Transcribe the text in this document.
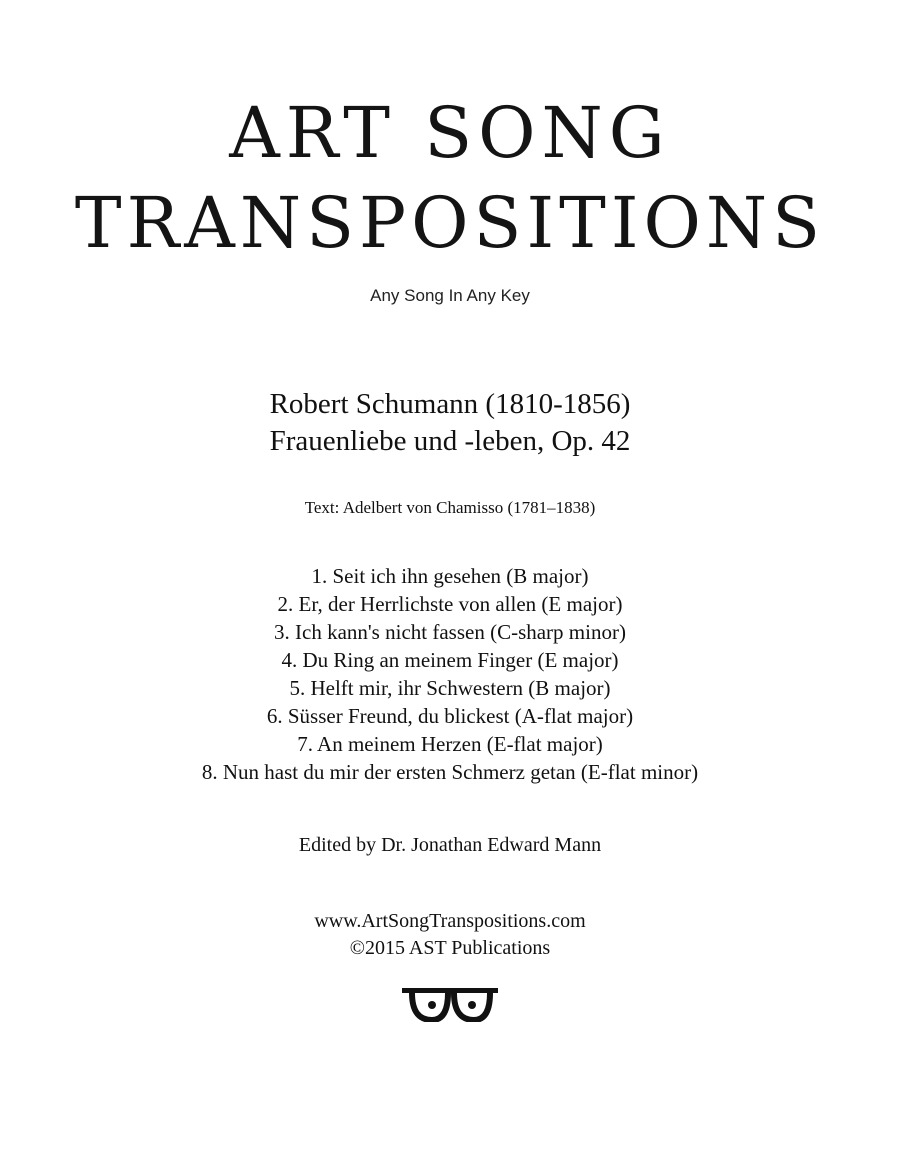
ART SONG
TRANSPOSITIONS
Any Song In Any Key
Robert Schumann (1810-1856)
Frauenliebe und -leben, Op. 42
Text: Adelbert von Chamisso (1781–1838)
1. Seit ich ihn gesehen (B major)
2. Er, der Herrlichste von allen (E major)
3. Ich kann's nicht fassen (C-sharp minor)
4. Du Ring an meinem Finger (E major)
5. Helft mir, ihr Schwestern (B major)
6. Süsser Freund, du blickest (A-flat major)
7. An meinem Herzen (E-flat major)
8. Nun hast du mir der ersten Schmerz getan (E-flat minor)
Edited by Dr. Jonathan Edward Mann
www.ArtSongTranspositions.com
©2015 AST Publications
